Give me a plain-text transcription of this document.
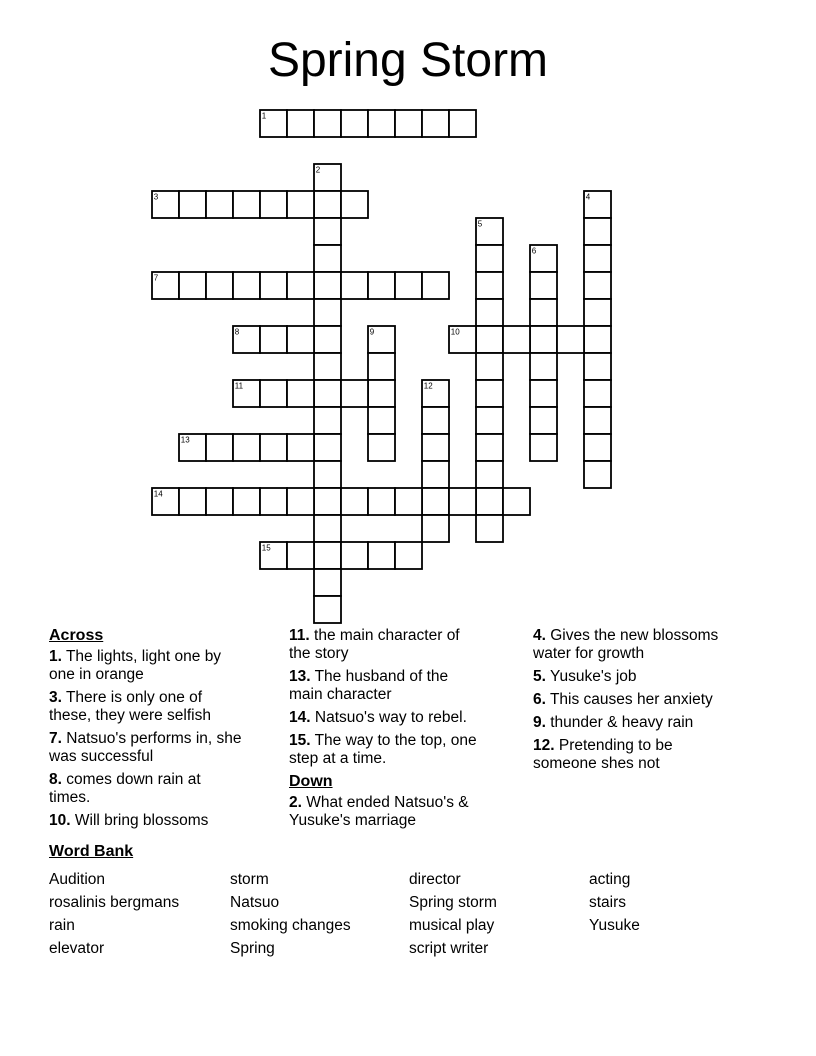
Spring Storm
1
2
3	4
5
6
7
8	9	10
11	12
13
14
15
Across

1. The lights, light one by one in orange

3. There is only one of these, they were selfish

7. Natsuo's performs in, she was successful

8. comes down rain at times.

10. Will bring blossoms

11. the main character of the story

13. The husband of the main character

14. Natsuo's way to rebel.

15. The way to the top, one step at a time.

Down

2. What ended Natsuo's & Yusuke's marriage

4. Gives the new blossoms water for growth

5. Yusuke's job

6. This causes her anxiety

9. thunder & heavy rain

12. Pretending to be someone shes not

Word Bank
Audition
rosalinis bergmans
rain
elevator
storm
Natsuo
smoking changes
Spring
director
Spring storm
musical play
script writer
acting
stairs
Yusuke
